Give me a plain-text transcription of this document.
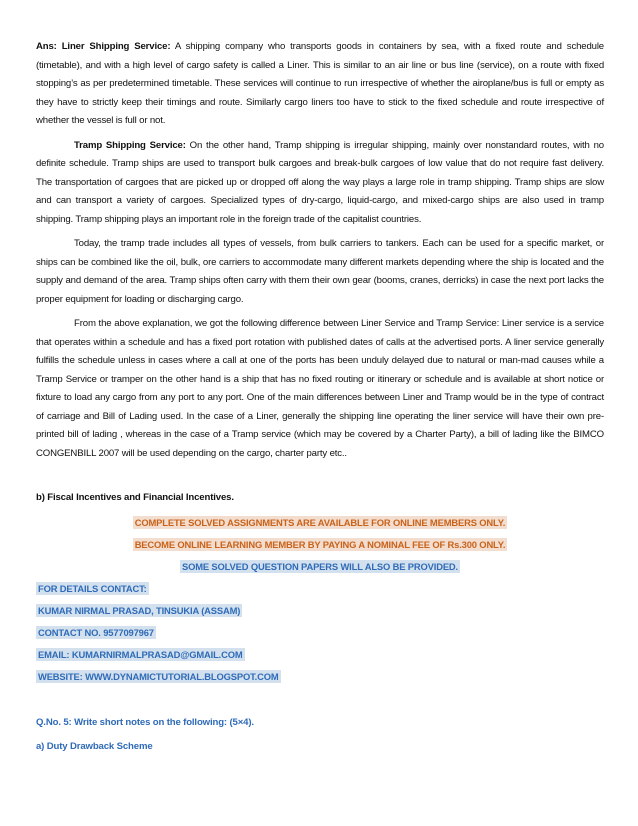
Ans: Liner Shipping Service: A shipping company who transports goods in containers by sea, with a fixed route and schedule (timetable), and with a high level of cargo safety is called a Liner. This is similar to an air line or bus line (service), on a route with fixed stopping’s as per predetermined timetable. These services will continue to run irrespective of whether the airoplane/bus is full or empty as they have to strictly keep their timings and route. Similarly cargo liners too have to stick to the fixed schedule and route irrespective of whether the vessel is full or not.

Tramp Shipping Service: On the other hand, Tramp shipping is irregular shipping, mainly over nonstandard routes, with no definite schedule. Tramp ships are used to transport bulk cargoes and break-bulk cargoes of low value that do not require fast delivery. The transportation of cargoes that are picked up or dropped off along the way plays a large role in tramp shipping. Tramp ships are slow and can transport a variety of cargoes. Specialized types of dry-cargo, liquid-cargo, and mixed-cargo ships are also used in tramp shipping. Tramp shipping plays an important role in the foreign trade of the capitalist countries.

Today, the tramp trade includes all types of vessels, from bulk carriers to tankers. Each can be used for a specific market, or ships can be combined like the oil, bulk, ore carriers to accommodate many different markets depending where the ship is located and the supply and demand of the area. Tramp ships often carry with them their own gear (booms, cranes, derricks) in case the next port lacks the proper equipment for loading or discharging cargo.

From the above explanation, we got the following difference between Liner Service and Tramp Service: Liner service is a service that operates within a schedule and has a fixed port rotation with published dates of calls at the advertised ports. A liner service generally fulfills the schedule unless in cases where a call at one of the ports has been unduly delayed due to natural or man-mad causes while a Tramp Service or tramper on the other hand is a ship that has no fixed routing or itinerary or schedule and is available at short notice or fixture to load any cargo from any port to any port. One of the main differences between Liner and Tramp would be in the type of contract of carriage and Bill of Lading used. In the case of a Liner, generally the shipping line operating the liner service will have their own pre-printed bill of lading , whereas in the case of a Tramp service (which may be covered by a Charter Party), a bill of lading like the BIMCO CONGENBILL 2007 will be used depending on the cargo, charter party etc..

b) Fiscal Incentives and Financial Incentives.

COMPLETE SOLVED ASSIGNMENTS ARE AVAILABLE FOR ONLINE MEMBERS ONLY.

BECOME ONLINE LEARNING MEMBER BY PAYING A NOMINAL FEE OF Rs.300 ONLY.

SOME SOLVED QUESTION PAPERS WILL ALSO BE PROVIDED.

FOR DETAILS CONTACT:

KUMAR NIRMAL PRASAD, TINSUKIA (ASSAM)

CONTACT NO. 9577097967

EMAIL: KUMARNIRMALPRASAD@GMAIL.COM

WEBSITE: WWW.DYNAMICTUTORIAL.BLOGSPOT.COM

Q.No. 5: Write short notes on the following: (5×4).

a) Duty Drawback Scheme
